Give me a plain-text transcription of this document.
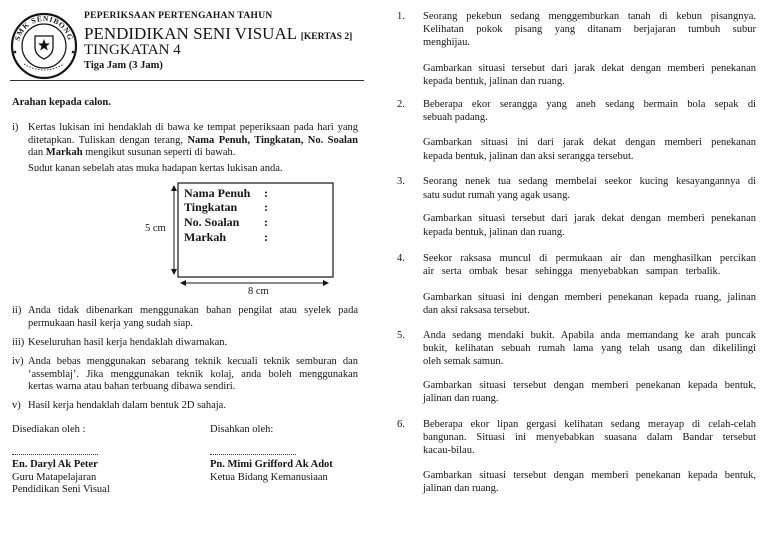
SMK SENIBONG
PEPERIKSAAN PERTENGAHAN TAHUN
PENDIDIKAN SENI VISUAL [KERTAS 2]
TINGKATAN 4
Tiga Jam (3 Jam)
Arahan kepada calon.
i) Kertas lukisan ini hendaklah di bawa ke tempat peperiksaan pada hari yang
ditetapkan. Tuliskan dengan terang, Nama Penuh, Tingkatan, No. Soalan
dan Markah mengikut susunan seperti di bawah.
Sudut kanan sebelah atas muka hadapan kertas lukisan anda.
Nama Penuh :
Tingkatan :
No. Soalan :
Markah	:
5 cm
8 cm
ii) Anda tidak dibenarkan menggunakan bahan pengilat atau syelek pada
permukaan hasil kerja yang sudah siap.
iii) Keseluruhan hasil kerja hendaklah diwarnakan.
iv) Anda bebas menggunakan sebarang teknik kecuali teknik semburan dan
‘assemblaj’. Jika menggunakan teknik kolaj, anda boleh menggunakan
kertas warna atau bahan terbuang dibawa sendiri.
v) Hasil kerja hendaklah dalam bentuk 2D sahaja.
Disediakan oleh :
En. Daryl Ak Peter
Guru Matapelajaran
Pendidikan Seni Visual
Disahkan oleh:
Pn. Mimi Grifford Ak Adot
Ketua Bidang Kemanusiaan
1. Seorang pekebun sedang menggemburkan tanah di kebun pisangnya.
Kelihatan pokok pisang yang ditanam berjajaran tumbuh subur
menghijau.
Gambarkan situasi tersebut dari jarak dekat dengan memberi penekanan
kepada bentuk, jalinan dan ruang.
2. Beberapa ekor serangga yang aneh sedang bermain bola sepak di
sebuah padang.
Gambarkan situasi ini dari jarak dekat dengan memberi penekanan
kepada bentuk, jalinan dan aksi serangga tersebut.
3. Seorang nenek tua sedang membelai seekor kucing kesayangannya di
satu sudut rumah yang agak usang.
Gambarkan situasi tersebut dari jarak dekat dengan memberi penekanan
kepada bentuk, jalinan dan ruang.
4. Seekor raksasa muncul di permukaan air dan menghasilkan percikan
air serta ombak besar sehingga menyebabkan sampan terbalik.
Gambarkan situasi ini dengan memberi penekanan kepada ruang, jalinan
dan aksi raksasa tersebut.
5. Anda sedang mendaki bukit. Apabila anda memandang ke arah puncak
bukit, kelihatan sebuah rumah lama yang telah usang dan dikelilingi
oleh semak samun.
Gambarkan situasi tersebut dengan memberi penekanan kepada bentuk,
jalinan dan ruang.
6. Beberapa ekor lipan gergasi kelihatan sedang merayap di celah-celah
bangunan. Situasi ini menyebabkan suasana dalam Bandar tersebut
kacau-bilau.
Gambarkan situasi tersebut dengan memberi penekanan kepada bentuk,
jalinan dan ruang.
